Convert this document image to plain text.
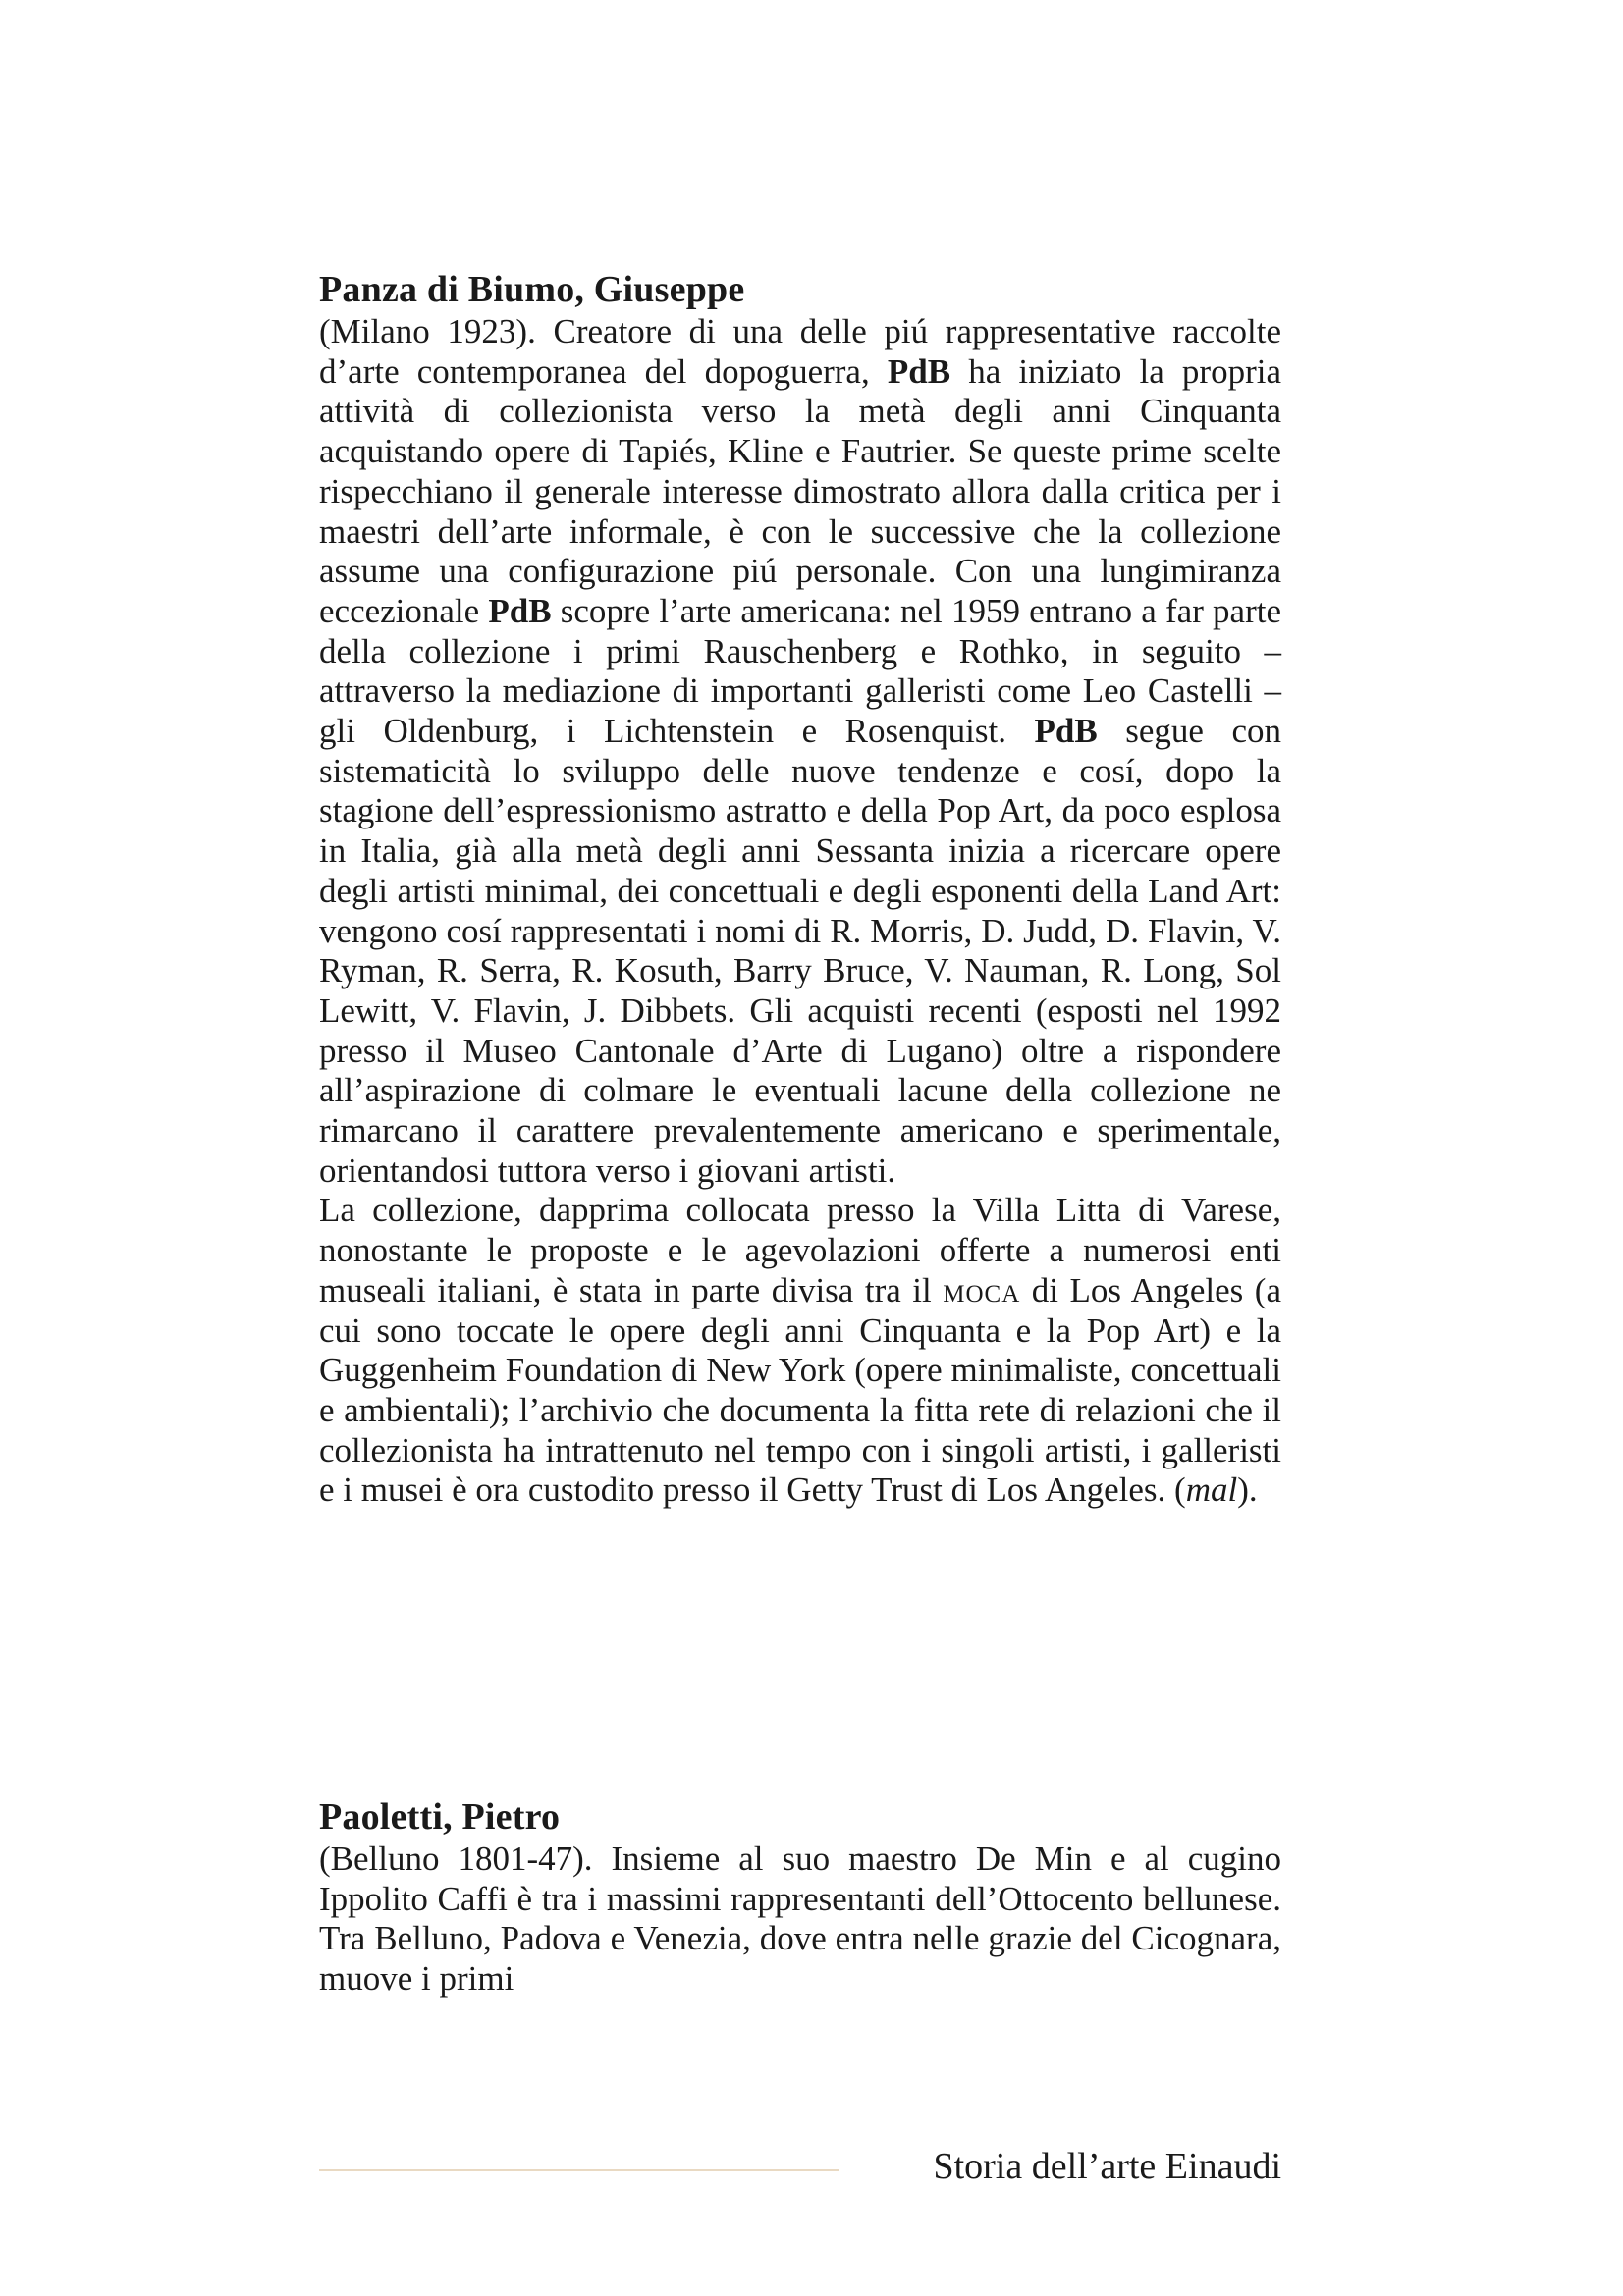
Panza di Biumo, Giuseppe

(Milano 1923). Creatore di una delle piú rappresentative raccolte d’arte contemporanea del dopoguerra, PdB ha iniziato la propria attività di collezionista verso la metà degli anni Cinquanta acquistando opere di Tapiés, Kline e Fautrier. Se queste prime scelte rispecchiano il generale interesse dimostrato allora dalla critica per i maestri dell’arte informale, è con le successive che la collezione assume una configurazione piú personale. Con una lungimiranza eccezionale PdB scopre l’arte americana: nel 1959 entrano a far parte della collezione i primi Rauschenberg e Rothko, in seguito – attraverso la mediazione di importanti galleristi come Leo Castelli – gli Oldenburg, i Lichtenstein e Rosenquist. PdB segue con sistematicità lo sviluppo delle nuove tendenze e cosí, dopo la stagione dell’espressionismo astratto e della Pop Art, da poco esplosa in Italia, già alla metà degli anni Sessanta inizia a ricercare opere degli artisti minimal, dei concettuali e degli esponenti della Land Art: vengono cosí rappresentati i nomi di R. Morris, D. Judd, D. Flavin, V. Ryman, R. Serra, R. Kosuth, Barry Bruce, V. Nauman, R. Long, Sol Lewitt, V. Flavin, J. Dibbets. Gli acquisti recenti (esposti nel 1992 presso il Museo Cantonale d’Arte di Lugano) oltre a rispondere all’aspirazione di colmare le eventuali lacune della collezione ne rimarcano il carattere prevalentemente americano e sperimentale, orientandosi tuttora verso i giovani artisti.

La collezione, dapprima collocata presso la Villa Litta di Varese, nonostante le proposte e le agevolazioni offerte a numerosi enti museali italiani, è stata in parte divisa tra il moca di Los Angeles (a cui sono toccate le opere degli anni Cinquanta e la Pop Art) e la Guggenheim Foundation di New York (opere minimaliste, concettuali e ambientali); l’archivio che documenta la fitta rete di relazioni che il collezionista ha intrattenuto nel tempo con i singoli artisti, i galleristi e i musei è ora custodito presso il Getty Trust di Los Angeles. (mal).

Paoletti, Pietro

(Belluno 1801-47). Insieme al suo maestro De Min e al cugino Ippolito Caffi è tra i massimi rappresentanti dell’Ottocento bellunese. Tra Belluno, Padova e Venezia, dove entra nelle grazie del Cicognara, muove i primi

Storia dell’arte Einaudi
